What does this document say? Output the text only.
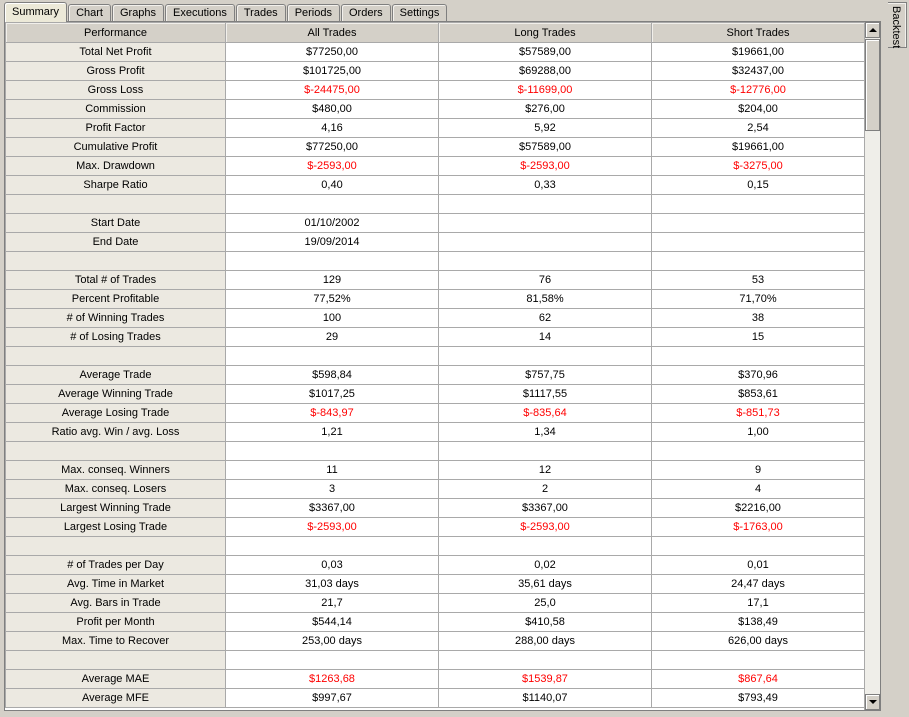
Summary	Chart	Graphs	Executions	Trades	Periods	Orders	Settings	Backtest
Performance	All Trades	Long Trades	Short Trades
Total Net Profit	$77250,00	$57589,00	$19661,00
Gross Profit	$101725,00	$69288,00	$32437,00
Gross Loss	$-24475,00	$-11699,00	$-12776,00
Commission	$480,00	$276,00	$204,00
Profit Factor	4,16	5,92	2,54
Cumulative Profit	$77250,00	$57589,00	$19661,00
Max. Drawdown	$-2593,00	$-2593,00	$-3275,00
Sharpe Ratio	0,40	0,33	0,15

Start Date	01/10/2002		
End Date	19/09/2014		

Total # of Trades	129	76	53
Percent Profitable	77,52%	81,58%	71,70%
# of Winning Trades	100	62	38
# of Losing Trades	29	14	15

Average Trade	$598,84	$757,75	$370,96
Average Winning Trade	$1017,25	$1117,55	$853,61
Average Losing Trade	$-843,97	$-835,64	$-851,73
Ratio avg. Win / avg. Loss	1,21	1,34	1,00

Max. conseq. Winners	11	12	9
Max. conseq. Losers	3	2	4
Largest Winning Trade	$3367,00	$3367,00	$2216,00
Largest Losing Trade	$-2593,00	$-2593,00	$-1763,00

# of Trades per Day	0,03	0,02	0,01
Avg. Time in Market	31,03 days	35,61 days	24,47 days
Avg. Bars in Trade	21,7	25,0	17,1
Profit per Month	$544,14	$410,58	$138,49
Max. Time to Recover	253,00 days	288,00 days	626,00 days

Average MAE	$1263,68	$1539,87	$867,64
Average MFE	$997,67	$1140,07	$793,49
